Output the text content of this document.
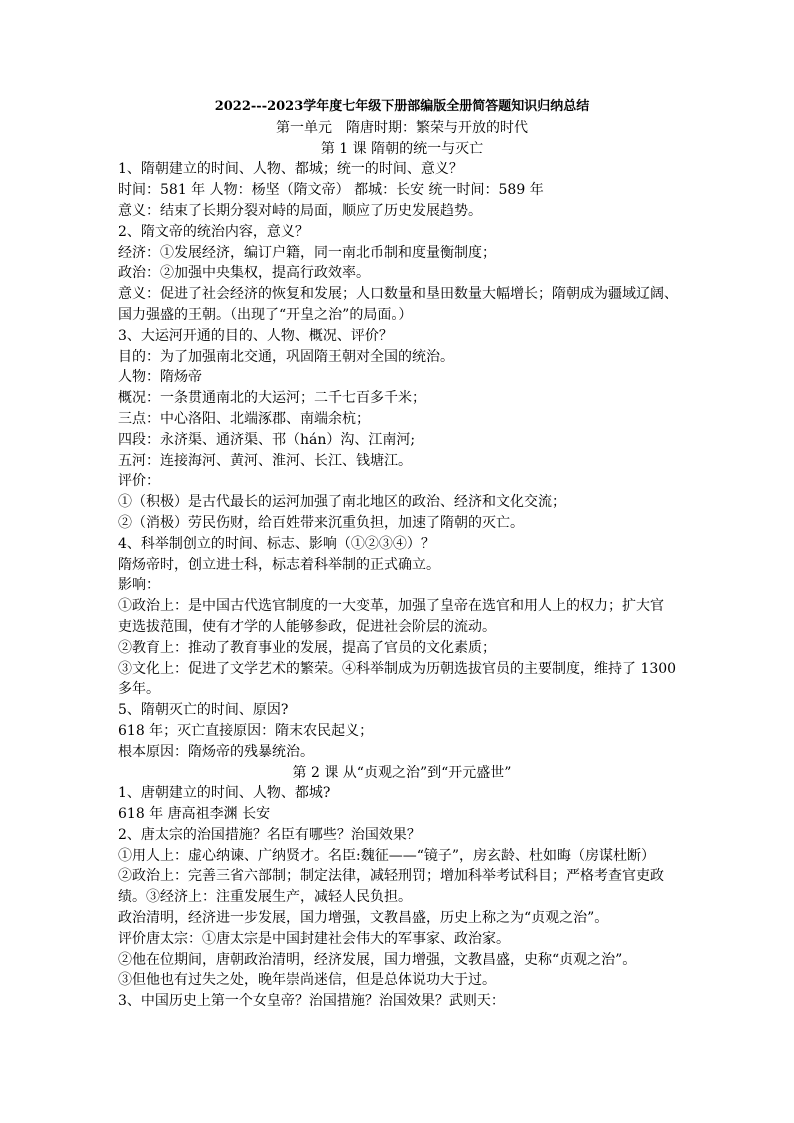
2022---2023学年度七年级下册部编版全册简答题知识归纳总结
第一单元　隋唐时期：繁荣与开放的时代
第 1 课 隋朝的统一与灭亡
1、隋朝建立的时间、人物、都城；统一的时间、意义？
时间：581 年 人物：杨坚（隋文帝） 都城：长安 统一时间：589 年
意义：结束了长期分裂对峙的局面，顺应了历史发展趋势。
2、隋文帝的统治内容，意义？
经济：①发展经济，编订户籍，同一南北币制和度量衡制度；
政治：②加强中央集权，提高行政效率。
意义：促进了社会经济的恢复和发展；人口数量和垦田数量大幅增长；隋朝成为疆域辽阔、
国力强盛的王朝。（出现了“开皇之治”的局面。）
3、大运河开通的目的、人物、概况、评价？
目的：为了加强南北交通，巩固隋王朝对全国的统治。
人物：隋炀帝
概况：一条贯通南北的大运河；二千七百多千米；
三点：中心洛阳、北端涿郡、南端余杭；
四段：永济渠、通济渠、邗（hán）沟、江南河;
五河：连接海河、黄河、淮河、长江、钱塘江。
评价：
①（积极）是古代最长的运河加强了南北地区的政治、经济和文化交流；
②（消极）劳民伤财，给百姓带来沉重负担，加速了隋朝的灭亡。
4、科举制创立的时间、标志、影响（①②③④）？
隋炀帝时，创立进士科，标志着科举制的正式确立。
影响：
①政治上：是中国古代选官制度的一大变革，加强了皇帝在选官和用人上的权力；扩大官
吏选拔范围，使有才学的人能够参政，促进社会阶层的流动。
②教育上：推动了教育事业的发展，提高了官员的文化素质；
③文化上：促进了文学艺术的繁荣。④科举制成为历朝选拔官员的主要制度，维持了 1300
多年。
5、隋朝灭亡的时间、原因?
618 年；灭亡直接原因：隋末农民起义；
根本原因：隋炀帝的残暴统治。
第 2 课 从“贞观之治”到“开元盛世”
1、唐朝建立的时间、人物、都城?
618 年 唐高祖李渊 长安
2、唐太宗的治国措施？名臣有哪些？治国效果？
①用人上：虚心纳谏、广纳贤才。名臣:魏征——“镜子”，房玄龄、杜如晦（房谋杜断）
②政治上：完善三省六部制；制定法律，减轻刑罚；增加科举考试科目；严格考查官吏政
绩。③经济上：注重发展生产，减轻人民负担。
政治清明，经济进一步发展，国力增强，文教昌盛，历史上称之为“贞观之治”。
评价唐太宗：①唐太宗是中国封建社会伟大的军事家、政治家。
②他在位期间，唐朝政治清明，经济发展，国力增强，文教昌盛，史称“贞观之治”。
③但他也有过失之处，晚年崇尚迷信，但是总体说功大于过。
3、中国历史上第一个女皇帝？治国措施？治国效果？武则天：
